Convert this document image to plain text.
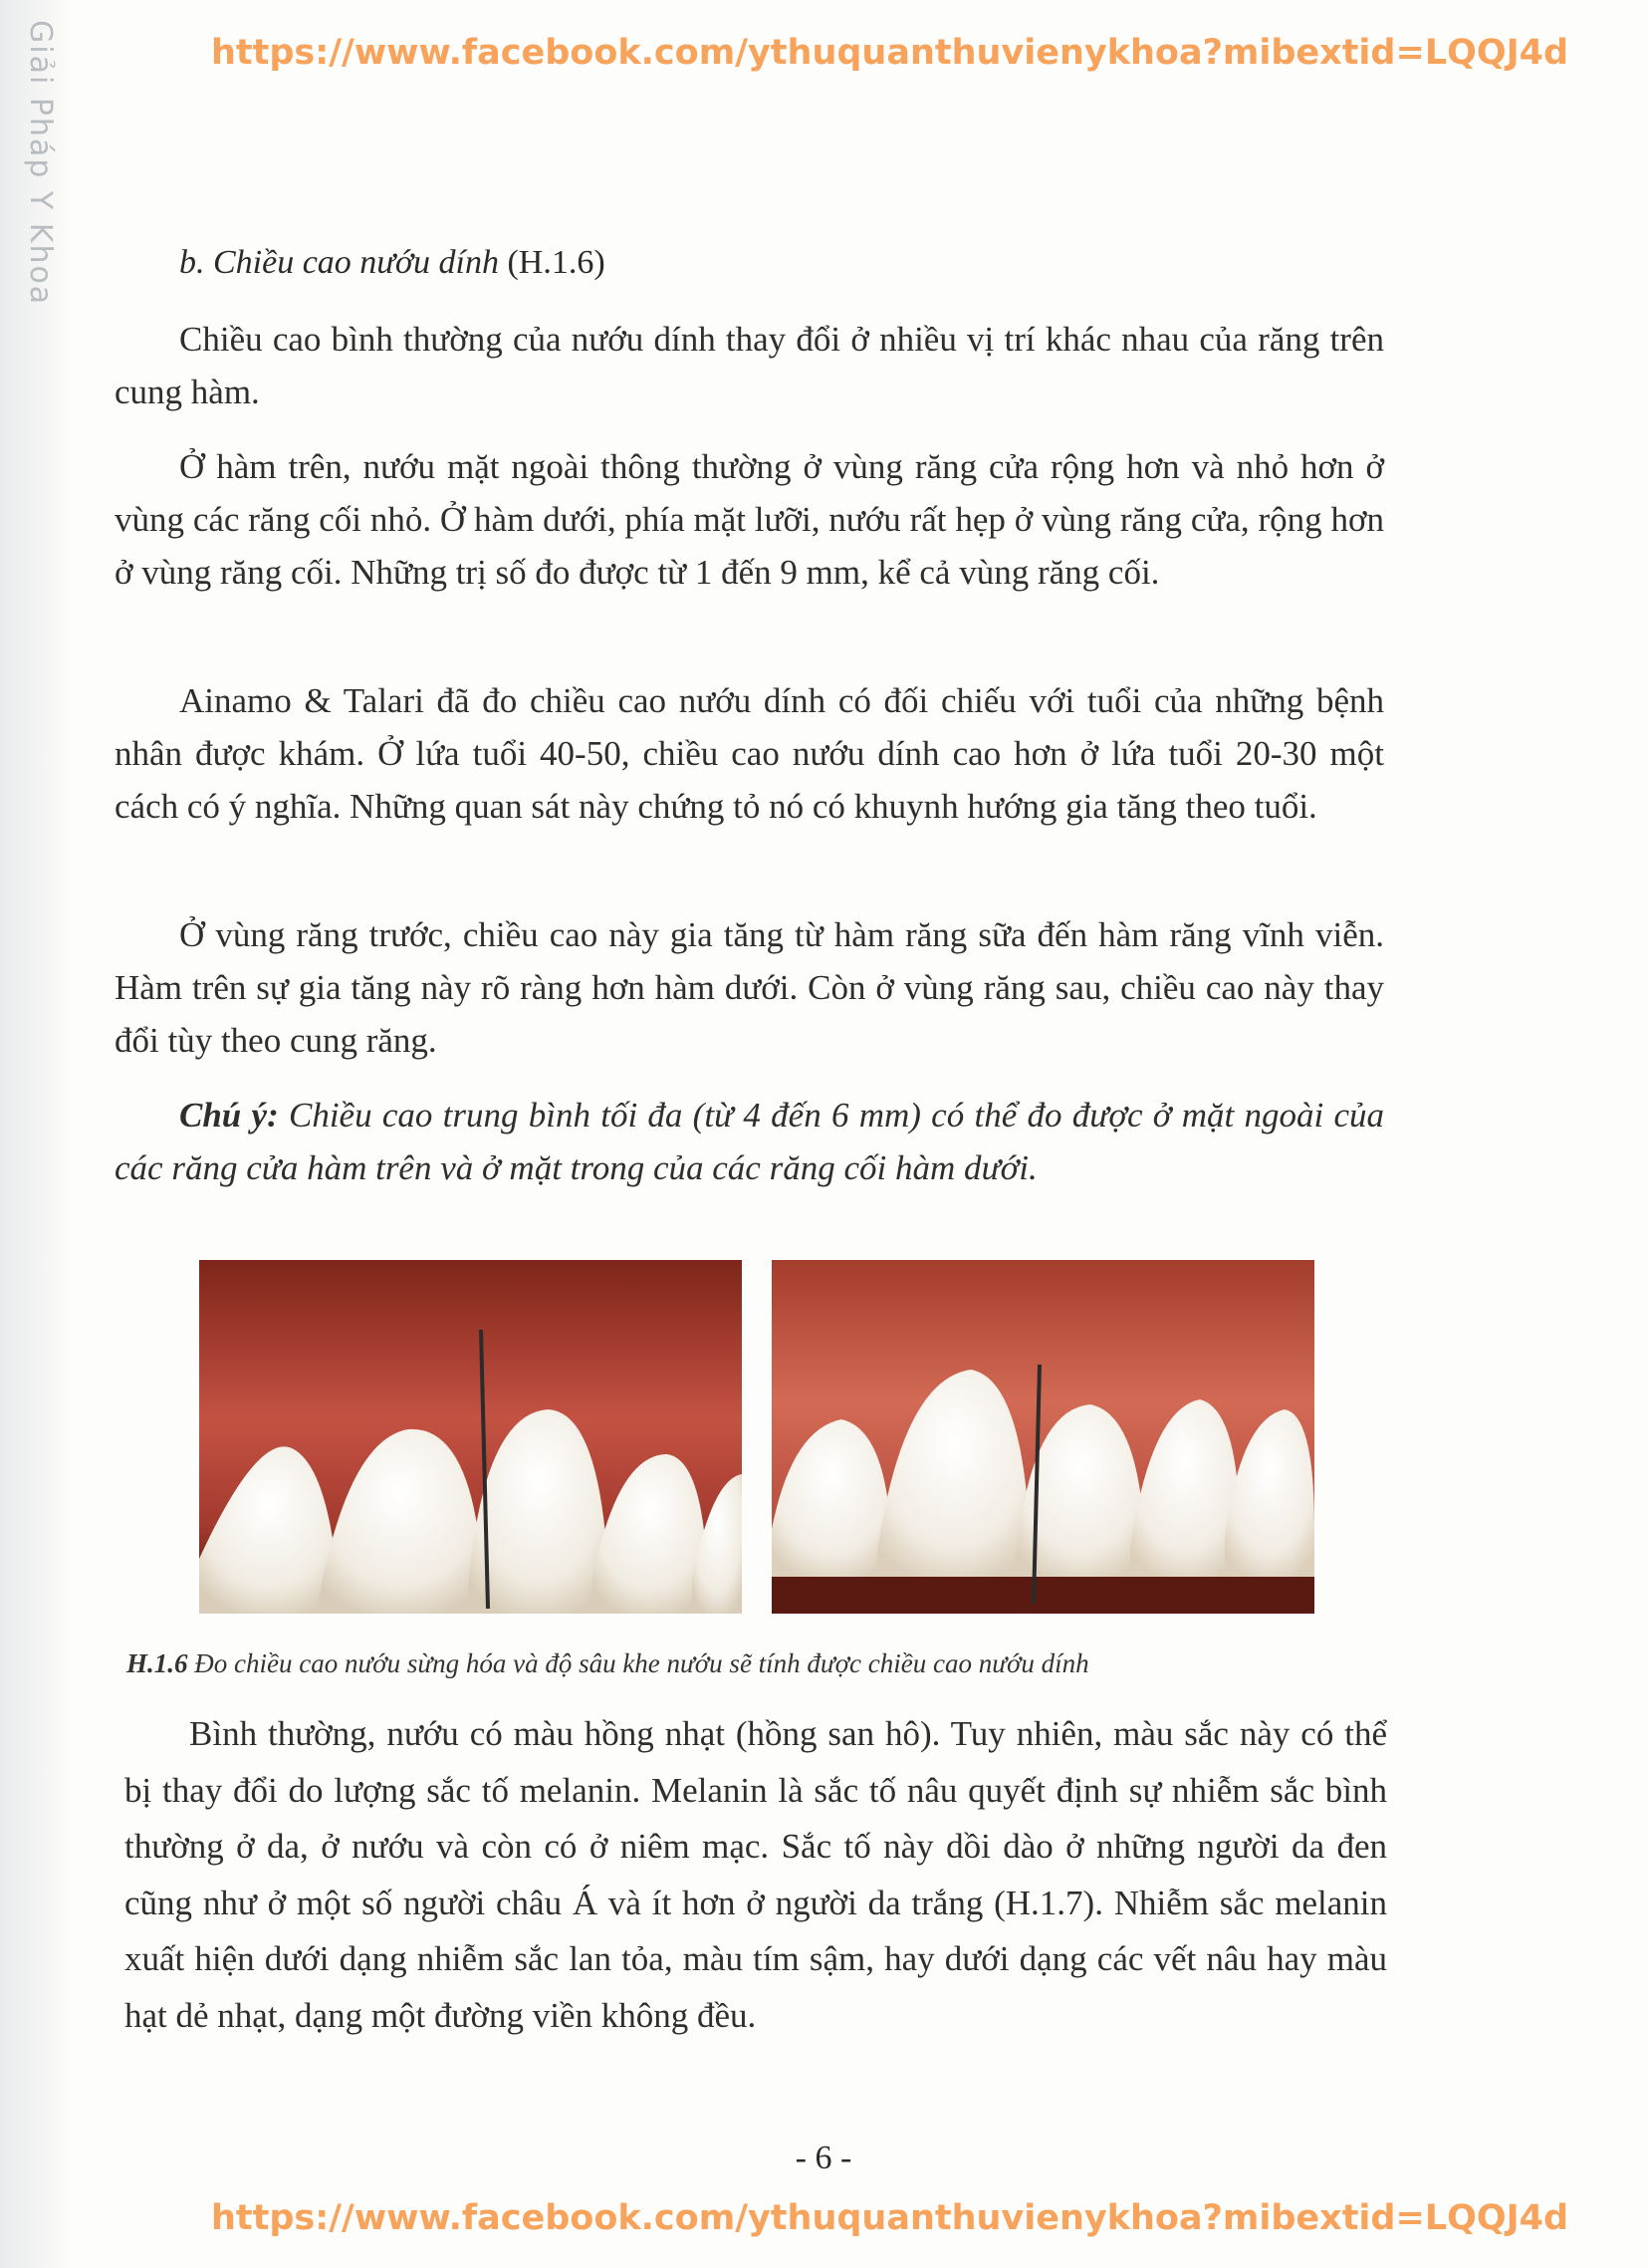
Giải Pháp Y Khoa	https://www.facebook.com/ythuquanthuvienykhoa?mibextid=LQQJ4d
b. Chiều cao nướu dính (H.1.6)

Chiều cao bình thường của nướu dính thay đổi ở nhiều vị trí khác nhau của răng trên cung hàm.

Ở hàm trên, nướu mặt ngoài thông thường ở vùng răng cửa rộng hơn và nhỏ hơn ở vùng các răng cối nhỏ. Ở hàm dưới, phía mặt lưỡi, nướu rất hẹp ở vùng răng cửa, rộng hơn ở vùng răng cối. Những trị số đo được từ 1 đến 9 mm, kể cả vùng răng cối.

Ainamo & Talari đã đo chiều cao nướu dính có đối chiếu với tuổi của những bệnh nhân được khám. Ở lứa tuổi 40-50, chiều cao nướu dính cao hơn ở lứa tuổi 20-30 một cách có ý nghĩa. Những quan sát này chứng tỏ nó có khuynh hướng gia tăng theo tuổi.

Ở vùng răng trước, chiều cao này gia tăng từ hàm răng sữa đến hàm răng vĩnh viễn. Hàm trên sự gia tăng này rõ ràng hơn hàm dưới. Còn ở vùng răng sau, chiều cao này thay đổi tùy theo cung răng.

Chú ý: Chiều cao trung bình tối đa (từ 4 đến 6 mm) có thể đo được ở mặt ngoài của các răng cửa hàm trên và ở mặt trong của các răng cối hàm dưới.

H.1.6 Đo chiều cao nướu sừng hóa và độ sâu khe nướu sẽ tính được chiều cao nướu dính

Bình thường, nướu có màu hồng nhạt (hồng san hô). Tuy nhiên, màu sắc này có thể bị thay đổi do lượng sắc tố melanin. Melanin là sắc tố nâu quyết định sự nhiễm sắc bình thường ở da, ở nướu và còn có ở niêm mạc. Sắc tố này dồi dào ở những người da đen cũng như ở một số người châu Á và ít hơn ở người da trắng (H.1.7). Nhiễm sắc melanin xuất hiện dưới dạng nhiễm sắc lan tỏa, màu tím sậm, hay dưới dạng các vết nâu hay màu hạt dẻ nhạt, dạng một đường viền không đều.

- 6 -
https://www.facebook.com/ythuquanthuvienykhoa?mibextid=LQQJ4d
